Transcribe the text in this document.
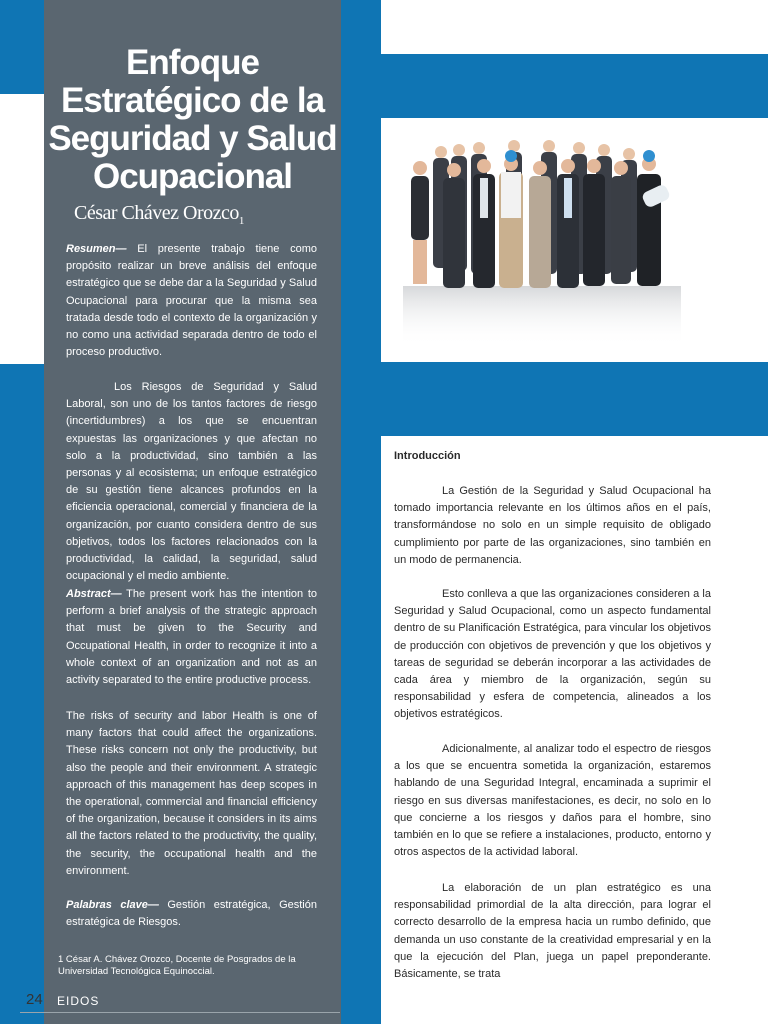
Enfoque
Estratégico de la
Seguridad y Salud
Ocupacional
César Chávez Orozco$_1$

Resumen— El presente trabajo tiene como propósito realizar un breve análisis del enfoque estratégico que se debe dar a la Seguridad y Salud Ocupacional para procurar que la misma sea tratada desde todo el contexto de la organización y no como una actividad separada dentro de todo el proceso productivo.

Los Riesgos de Seguridad y Salud Laboral, son uno de los tantos factores de riesgo (incertidumbres) a los que se encuentran expuestas las organizaciones y que afectan no solo a la productividad, sino también a las personas y al ecosistema; un enfoque estratégico de su gestión tiene alcances profundos en la eficiencia operacional, comercial y financiera de la organización, por cuanto considera dentro de sus objetivos, todos los factores relacionados con la productividad, la calidad, la seguridad, salud ocupacional y el medio ambiente.

Abstract— The present work has the intention to perform a brief analysis of the strategic approach that must be given to the Security and Occupational Health, in order to recognize it into a whole context of an organization and not as an activity separated to the entire productive process.

The risks of security and labor Health is one of many factors that could affect the organizations. These risks concern not only the productivity, but also the people and their environment. A strategic approach of this management has deep scopes in the operational, commercial and financial efficiency of the organization, because it considers in its aims all the factors related to the productivity, the quality, the security, the occupational health and the environment.

Palabras clave— Gestión estratégica, Gestión estratégica de Riesgos.

1 César A. Chávez Orozco, Docente de Posgrados de la Universidad Tecnológica Equinoccial.

24 EIDOS
Introducción

La Gestión de la Seguridad y Salud Ocupacional ha tomado importancia relevante en los últimos años en el país, transformándose no solo en un simple requisito de obligado cumplimiento por parte de las organizaciones, sino también en un modo de permanencia.

Esto conlleva a que las organizaciones consideren a la Seguridad y Salud Ocupacional, como un aspecto fundamental dentro de su Planificación Estratégica, para vincular los objetivos de producción con objetivos de prevención y que los objetivos y tareas de seguridad se deberán incorporar a las actividades de cada área y miembro de la organización, según su responsabilidad y esfera de competencia, alineados a los objetivos estratégicos.

Adicionalmente, al analizar todo el espectro de riesgos a los que se encuentra sometida la organización, estaremos hablando de una Seguridad Integral, encaminada a suprimir el riesgo en sus diversas manifestaciones, es decir, no solo en lo que concierne a los riesgos y daños para el hombre, sino también en lo que se refiere a instalaciones, producto, entorno y otros aspectos de la actividad laboral.

La elaboración de un plan estratégico es una responsabilidad primordial de la alta dirección, para lograr el correcto desarrollo de la empresa hacia un rumbo definido, que demanda un uso constante de la creatividad empresarial y en la que la ejecución del Plan, juega un papel preponderante. Básicamente, se trata
